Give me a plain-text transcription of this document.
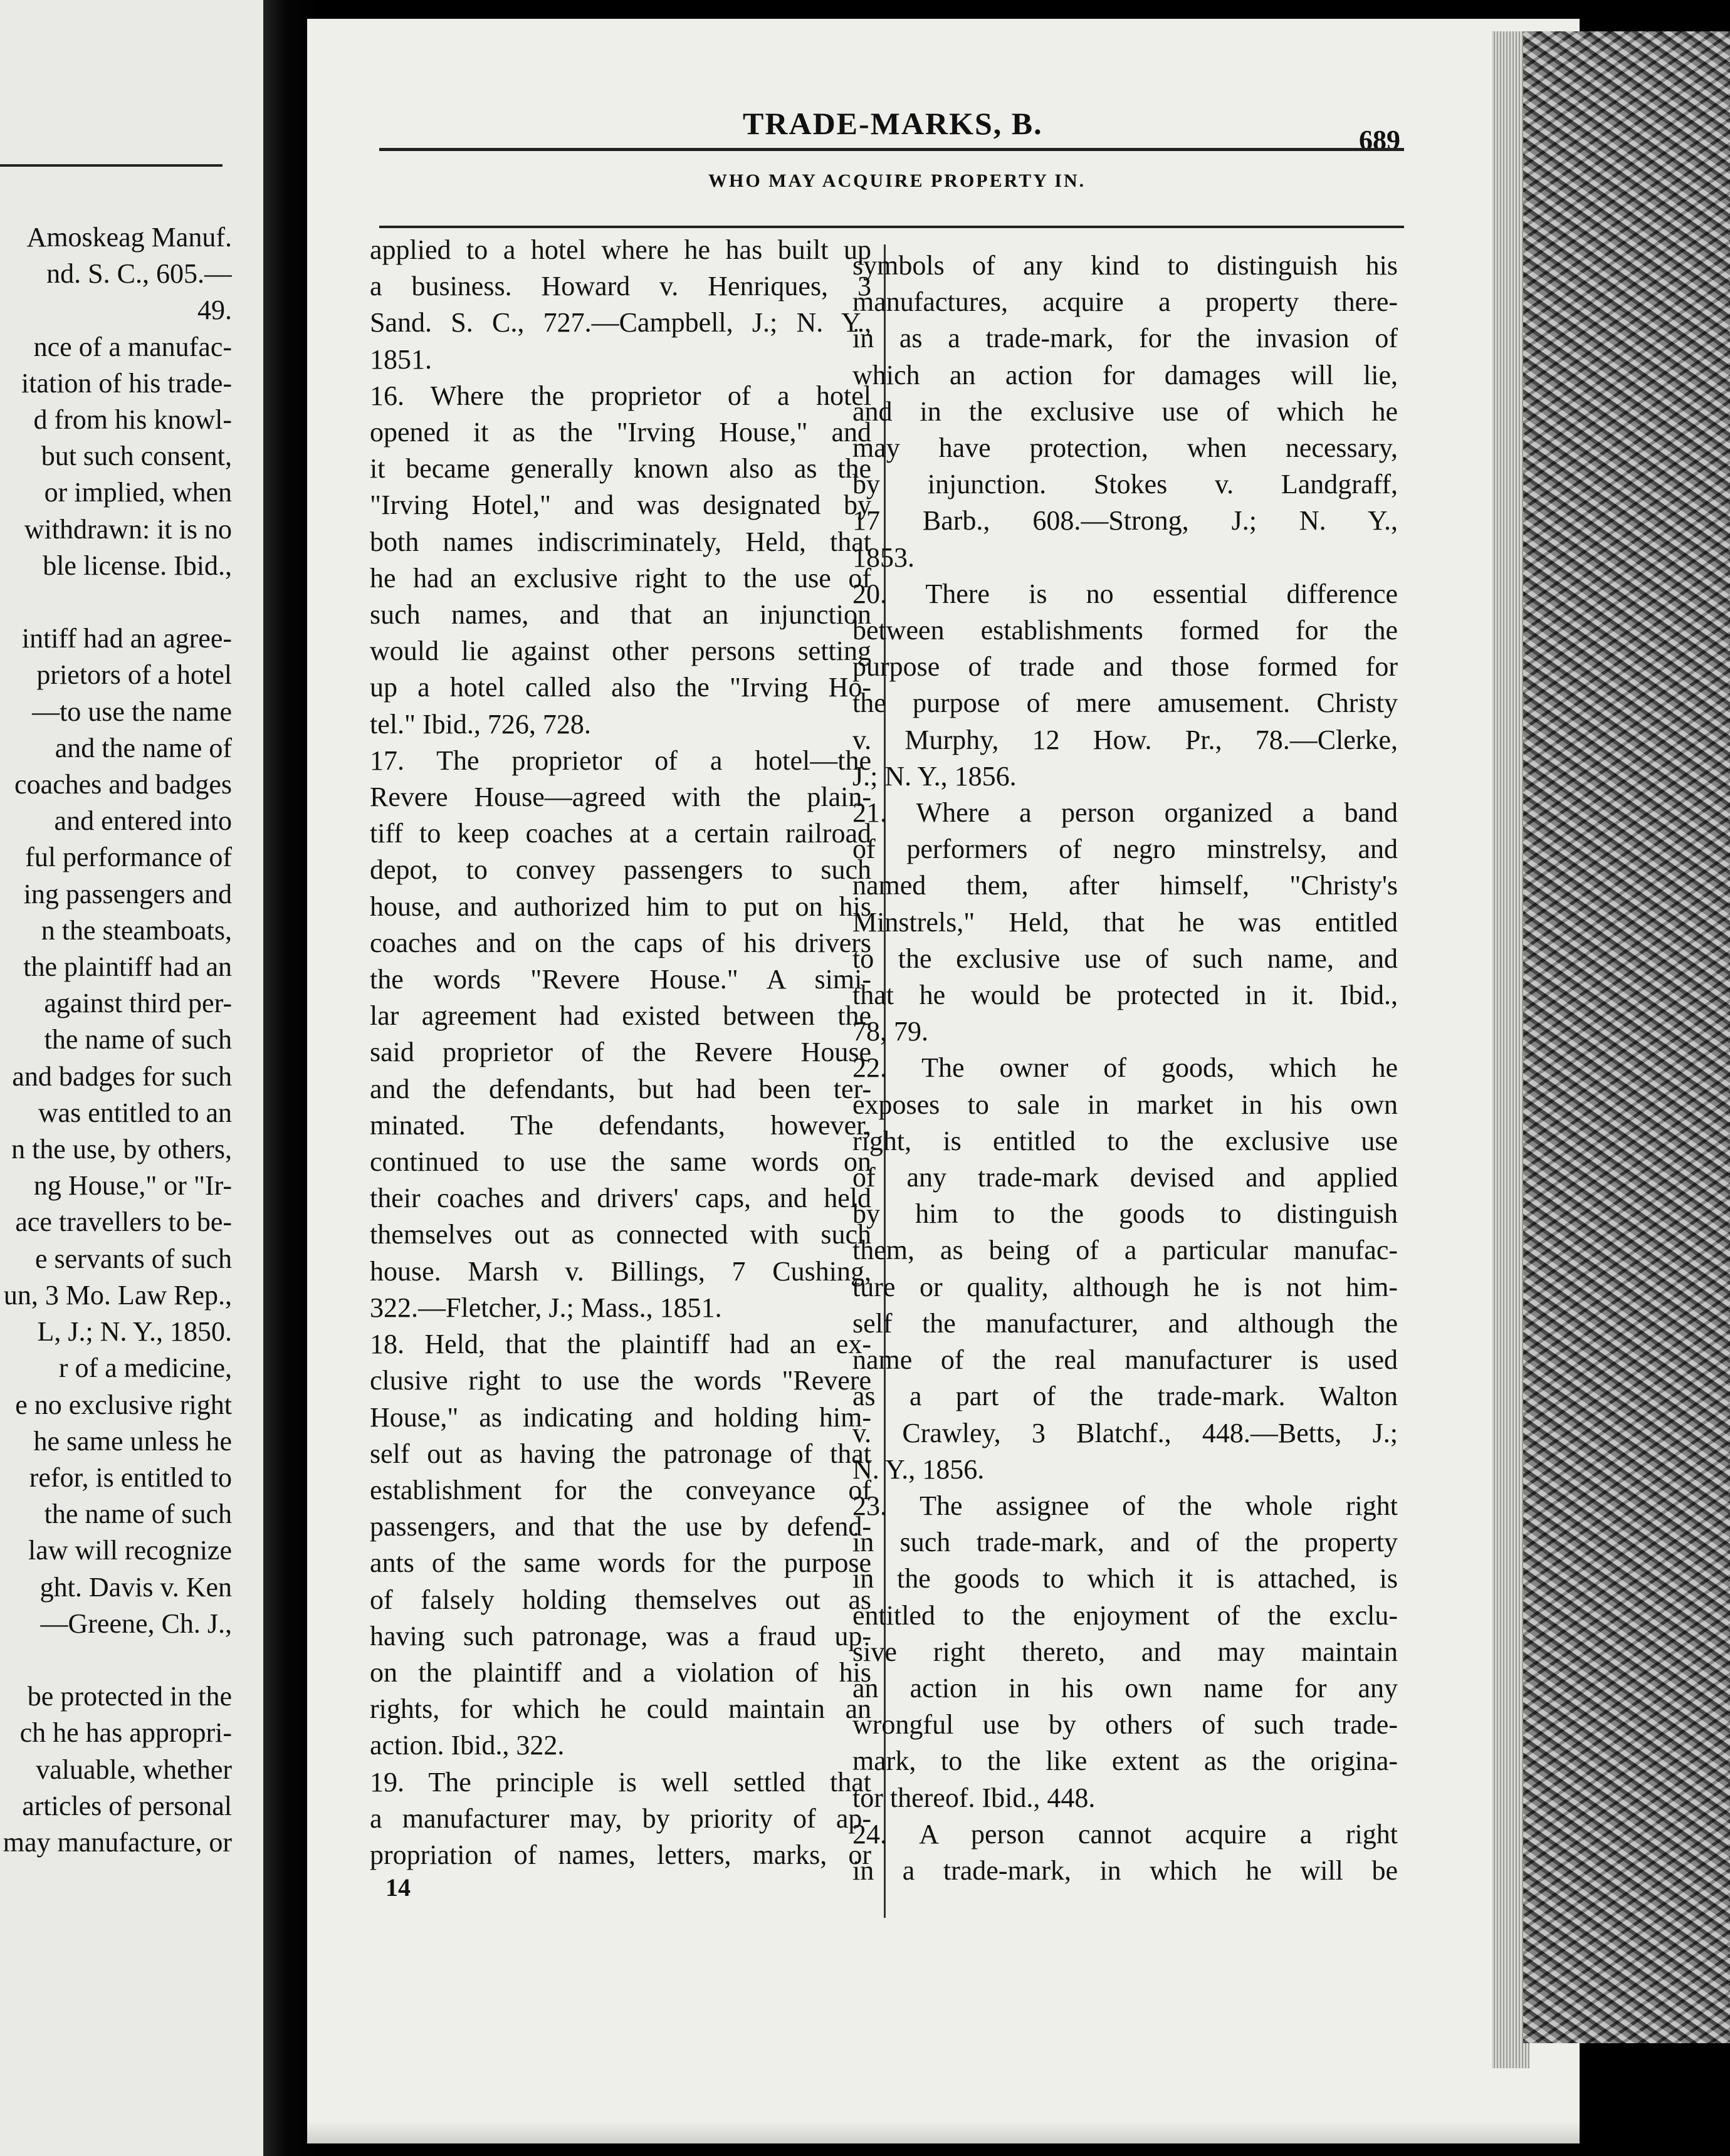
Amoskeag Manuf.
nd. S. C., 605.—
49.
nce of a manufac-
itation of his trade-
d from his knowl-
but such consent,
or implied, when
withdrawn: it is no
ble license. Ibid.,

intiff had an agree-
prietors of a hotel
—to use the name
and the name of
coaches and badges
and entered into
ful performance of
ing passengers and
n the steamboats,
the plaintiff had an
against third per-
the name of such
and badges for such
was entitled to an
n the use, by others,
ng House," or "Ir-
ace travellers to be-
e servants of such
un, 3 Mo. Law Rep.,
L, J.; N. Y., 1850.
r of a medicine,
e no exclusive right
he same unless he
refor, is entitled to
the name of such
law will recognize
ght. Davis v. Ken
—Greene, Ch. J.,

be protected in the
ch he has appropri-
valuable, whether
articles of personal
may manufacture, or
TRADE-MARKS, B.	689
WHO MAY ACQUIRE PROPERTY IN.
applied to a hotel where he has built up
a business. Howard v. Henriques, 3
Sand. S. C., 727.—Campbell, J.; N. Y.,
1851.
16. Where the proprietor of a hotel
opened it as the "Irving House," and
it became generally known also as the
"Irving Hotel," and was designated by
both names indiscriminately, Held, that
he had an exclusive right to the use of
such names, and that an injunction
would lie against other persons setting
up a hotel called also the "Irving Ho-
tel." Ibid., 726, 728.
17. The proprietor of a hotel—the
Revere House—agreed with the plain-
tiff to keep coaches at a certain railroad
depot, to convey passengers to such
house, and authorized him to put on his
coaches and on the caps of his drivers
the words "Revere House." A simi-
lar agreement had existed between the
said proprietor of the Revere House
and the defendants, but had been ter-
minated. The defendants, however,
continued to use the same words on
their coaches and drivers' caps, and held
themselves out as connected with such
house. Marsh v. Billings, 7 Cushing,
322.—Fletcher, J.; Mass., 1851.
18. Held, that the plaintiff had an ex-
clusive right to use the words "Revere
House," as indicating and holding him-
self out as having the patronage of that
establishment for the conveyance of
passengers, and that the use by defend-
ants of the same words for the purpose
of falsely holding themselves out as
having such patronage, was a fraud up-
on the plaintiff and a violation of his
rights, for which he could maintain an
action. Ibid., 322.
19. The principle is well settled that
a manufacturer may, by priority of ap-
propriation of names, letters, marks, or
symbols of any kind to distinguish his
manufactures, acquire a property there-
in as a trade-mark, for the invasion of
which an action for damages will lie,
and in the exclusive use of which he
may have protection, when necessary,
by injunction. Stokes v. Landgraff,
17 Barb., 608.—Strong, J.; N. Y.,
1853.
20. There is no essential difference
between establishments formed for the
purpose of trade and those formed for
the purpose of mere amusement. Christy
v. Murphy, 12 How. Pr., 78.—Clerke,
J.; N. Y., 1856.
21. Where a person organized a band
of performers of negro minstrelsy, and
named them, after himself, "Christy's
Minstrels," Held, that he was entitled
to the exclusive use of such name, and
that he would be protected in it. Ibid.,
78, 79.
22. The owner of goods, which he
exposes to sale in market in his own
right, is entitled to the exclusive use
of any trade-mark devised and applied
by him to the goods to distinguish
them, as being of a particular manufac-
ture or quality, although he is not him-
self the manufacturer, and although the
name of the real manufacturer is used
as a part of the trade-mark. Walton
v. Crawley, 3 Blatchf., 448.—Betts, J.;
N. Y., 1856.
23. The assignee of the whole right
in such trade-mark, and of the property
in the goods to which it is attached, is
entitled to the enjoyment of the exclu-
sive right thereto, and may maintain
an action in his own name for any
wrongful use by others of such trade-
mark, to the like extent as the origina-
tor thereof. Ibid., 448.
24. A person cannot acquire a right
in a trade-mark, in which he will be
14
